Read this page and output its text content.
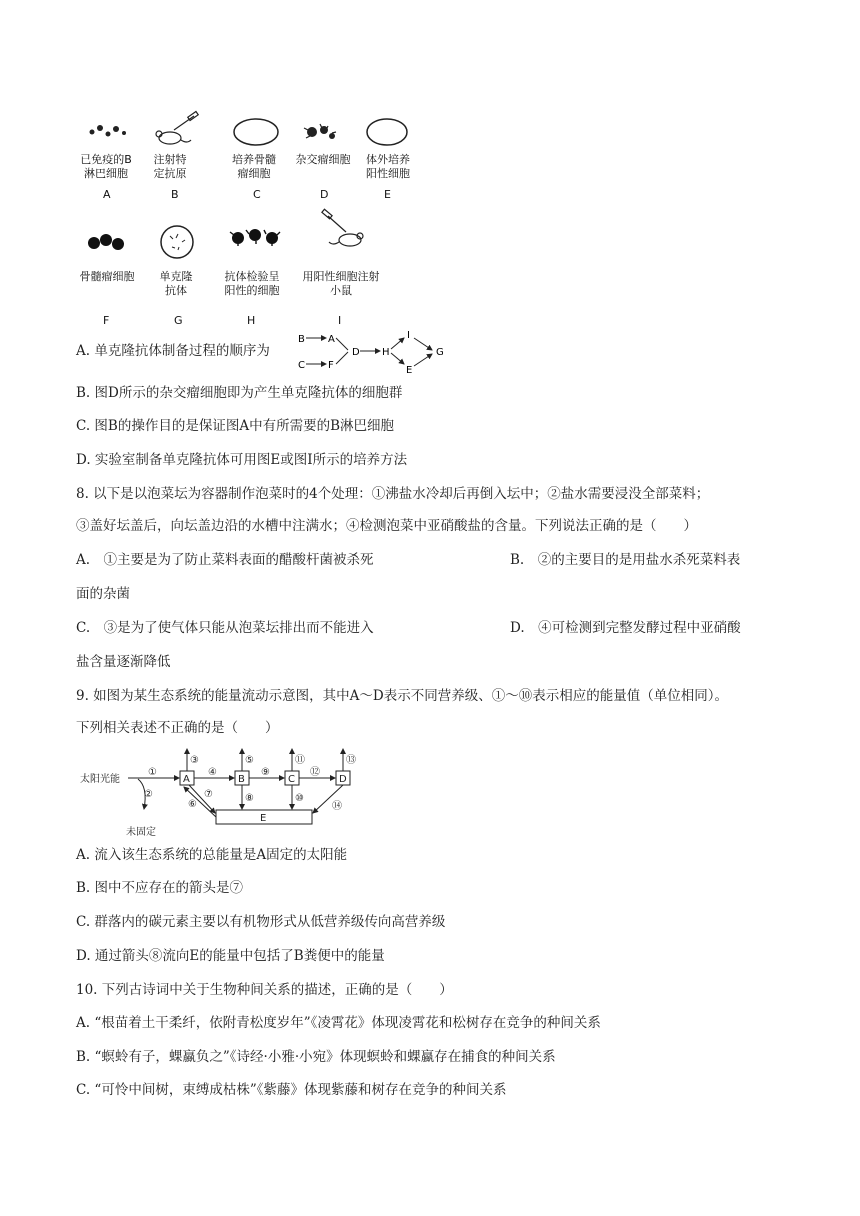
已免疫的B淋巴细胞
A
注射特定抗原
B
培养骨髓瘤细胞
C
杂交瘤细胞
D
体外培养阳性细胞
E
骨髓瘤细胞
F
单克隆抗体
G
抗体检验呈阳性的细胞
H
用阳性细胞注射小鼠
I
A. 单克隆抗体制备过程的顺序为
B A
C F
D H
I
E
G
B. 图D所示的杂交瘤细胞即为产生单克隆抗体的细胞群
C. 图B的操作目的是保证图A中有所需要的B淋巴细胞
D. 实验室制备单克隆抗体可用图E或图I所示的培养方法
8. 以下是以泡菜坛为容器制作泡菜时的4个处理：①沸盐水冷却后再倒入坛中；②盐水需要浸没全部菜料；
③盖好坛盖后，向坛盖边沿的水槽中注满水；④检测泡菜中亚硝酸盐的含量。下列说法正确的是（　　）
A.　①主要是为了防止菜料表面的醋酸杆菌被杀死	B.　②的主要目的是用盐水杀死菜料表
面的杂菌
C.　③是为了使气体只能从泡菜坛排出而不能进入	D.　④可检测到完整发酵过程中亚硝酸
盐含量逐渐降低
9. 如图为某生态系统的能量流动示意图，其中A～D表示不同营养级、①～⑩表示相应的能量值（单位相同）。
下列相关表述不正确的是（　　）
太阳光能
未固定
A	B	C	D
E
①
②
③
④
⑤
⑥
⑦	⑧
⑨
⑩
⑪
⑫
⑬
⑭
A. 流入该生态系统的总能量是A固定的太阳能
B. 图中不应存在的箭头是⑦
C. 群落内的碳元素主要以有机物形式从低营养级传向高营养级
D. 通过箭头⑧流向E的能量中包括了B粪便中的能量
10. 下列古诗词中关于生物种间关系的描述，正确的是（　　）
A. “根苗着土干柔纤，依附青松度岁年”《凌霄花》体现凌霄花和松树存在竞争的种间关系
B. “螟蛉有子，蜾蠃负之”《诗经·小雅·小宛》体现螟蛉和蜾蠃存在捕食的种间关系
C. “可怜中间树，束缚成枯株”《紫藤》体现紫藤和树存在竞争的种间关系
